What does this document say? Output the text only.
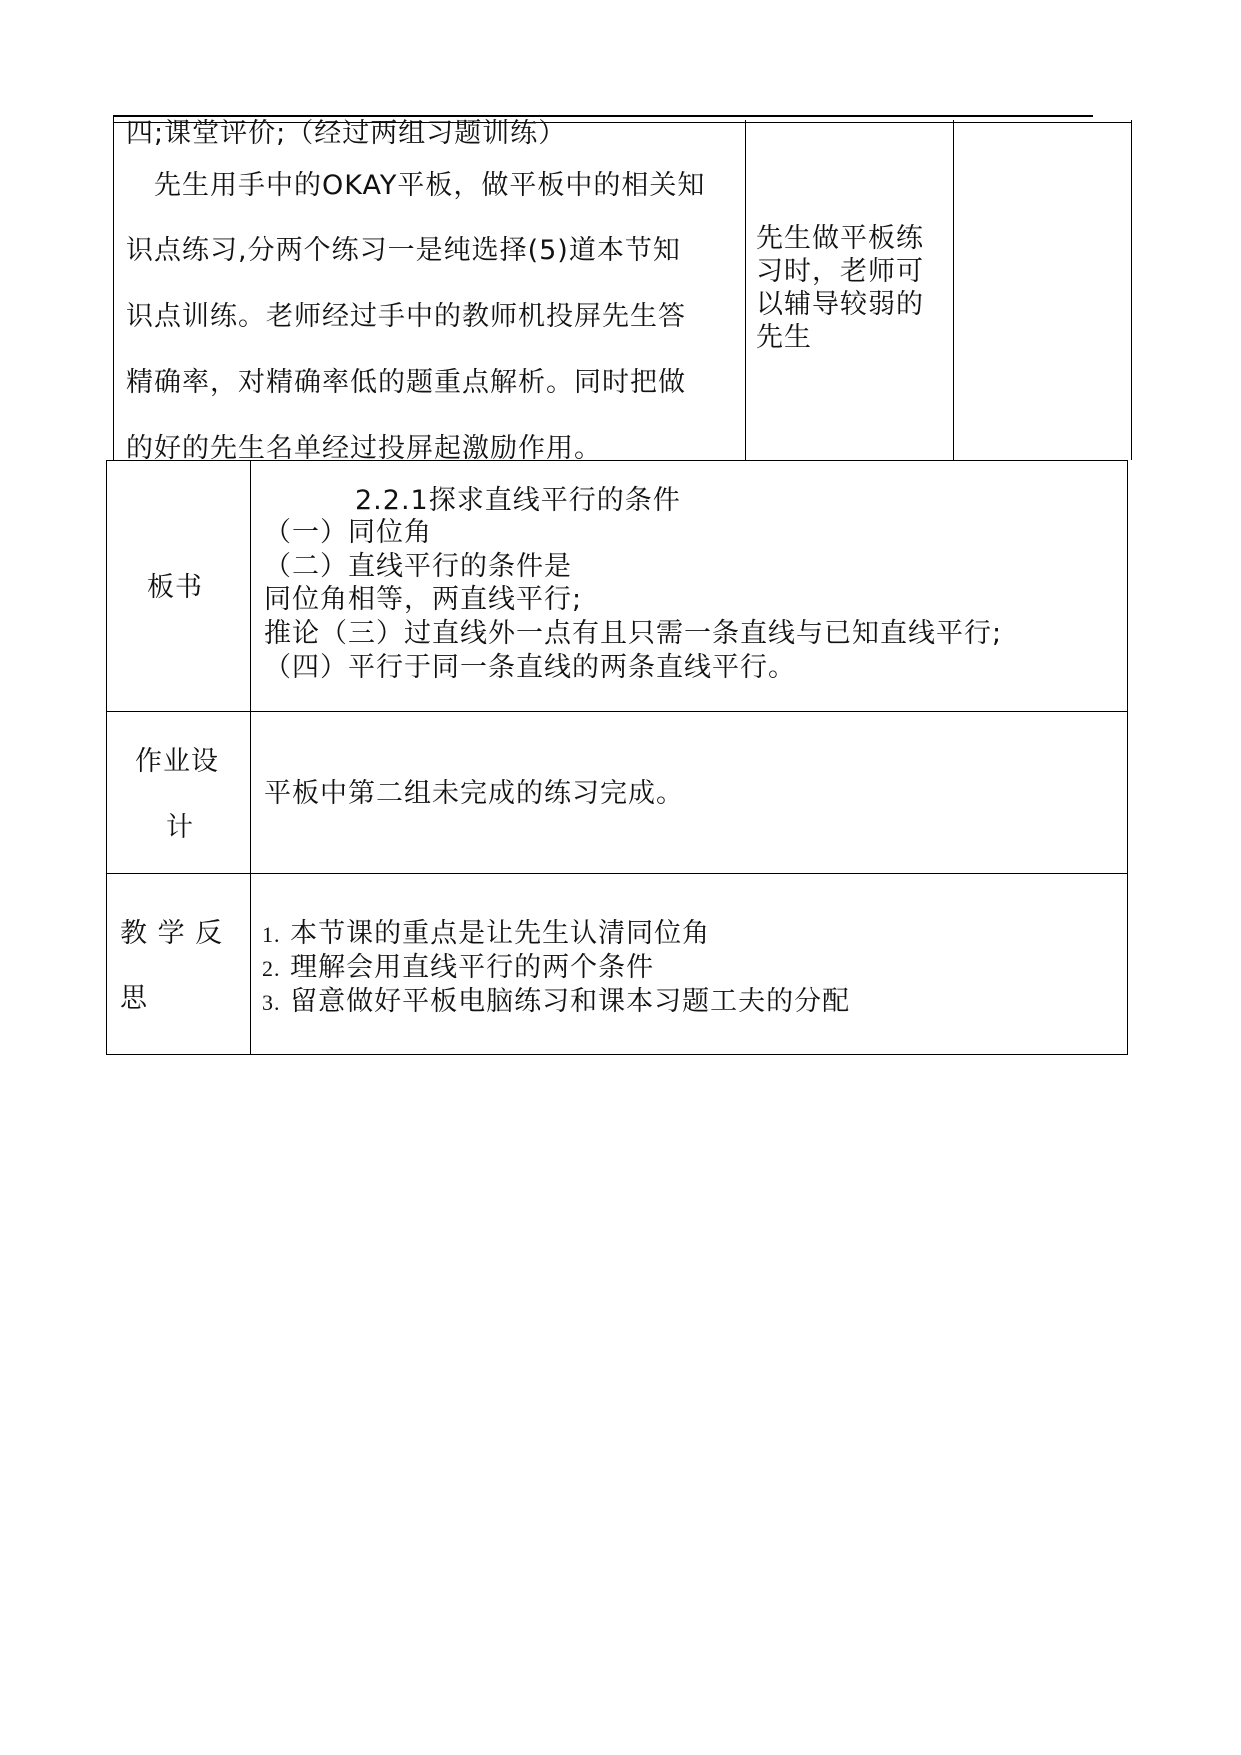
四;课堂评价;（经过两组习题训练）
先生用手中的OKAY平板，做平板中的相关知
识点练习,分两个练习一是纯选择(5)道本节知
识点训练。老师经过手中的教师机投屏先生答
精确率，对精确率低的题重点解析。同时把做
的好的先生名单经过投屏起激励作用。
先生做平板练
习时，老师可
以辅导较弱的
先生
板书
2.2.1探求直线平行的条件
（一）同位角
（二）直线平行的条件是
同位角相等，两直线平行;
推论（三）过直线外一点有且只需一条直线与已知直线平行;
（四）平行于同一条直线的两条直线平行。
作业设
计
平板中第二组未完成的练习完成。
教 学 反
思
1. 本节课的重点是让先生认清同位角
2. 理解会用直线平行的两个条件
3. 留意做好平板电脑练习和课本习题工夫的分配
